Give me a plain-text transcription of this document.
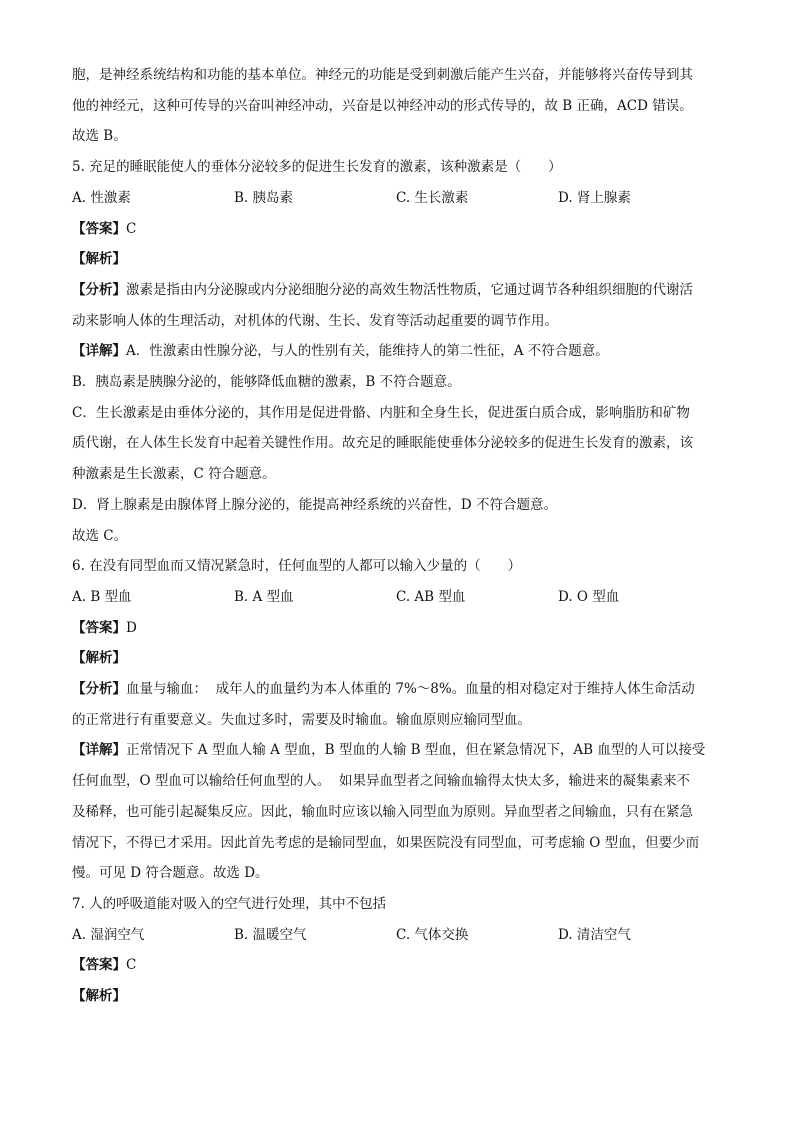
胞，是神经系统结构和功能的基本单位。神经元的功能是受到刺激后能产生兴奋，并能够将兴奋传导到其

他的神经元，这种可传导的兴奋叫神经冲动，兴奋是以神经冲动的形式传导的，故 B 正确，ACD 错误。

故选 B。

5. 充足的睡眠能使人的垂体分泌较多的促进生长发育的激素，该种激素是（　　）

A. 性激素	B. 胰岛素	C. 生长激素	D. 肾上腺素

【答案】C

【解析】

【分析】激素是指由内分泌腺或内分泌细胞分泌的高效生物活性物质，它通过调节各种组织细胞的代谢活

动来影响人体的生理活动，对机体的代谢、生长、发育等活动起重要的调节作用。

【详解】A．性激素由性腺分泌，与人的性别有关，能维持人的第二性征，A 不符合题意。

B．胰岛素是胰腺分泌的，能够降低血糖的激素，B 不符合题意。

C．生长激素是由垂体分泌的，其作用是促进骨骼、内脏和全身生长，促进蛋白质合成，影响脂肪和矿物

质代谢，在人体生长发育中起着关键性作用。故充足的睡眠能使垂体分泌较多的促进生长发育的激素，该

种激素是生长激素，C 符合题意。

D．肾上腺素是由腺体肾上腺分泌的，能提高神经系统的兴奋性，D 不符合题意。

故选 C。

6. 在没有同型血而又情况紧急时，任何血型的人都可以输入少量的（　　）

A. B 型血	B. A 型血	C. AB 型血	D. O 型血

【答案】D

【解析】

【分析】血量与输血：  成年人的血量约为本人体重的 7%～8%。血量的相对稳定对于维持人体生命活动

的正常进行有重要意义。失血过多时，需要及时输血。输血原则应输同型血。

【详解】正常情况下 A 型血人输 A 型血，B 型血的人输 B 型血，但在紧急情况下，AB 血型的人可以接受

任何血型，O 型血可以输给任何血型的人。  如果异血型者之间输血输得太快太多，输进来的凝集素来不

及稀释，也可能引起凝集反应。因此，输血时应该以输入同型血为原则。异血型者之间输血，只有在紧急

情况下，不得已才采用。因此首先考虑的是输同型血，如果医院没有同型血，可考虑输 O 型血，但要少而

慢。可见 D 符合题意。故选 D。

7. 人的呼吸道能对吸入的空气进行处理，其中不包括

A. 湿润空气	B. 温暖空气	C. 气体交换	D. 清洁空气

【答案】C

【解析】
